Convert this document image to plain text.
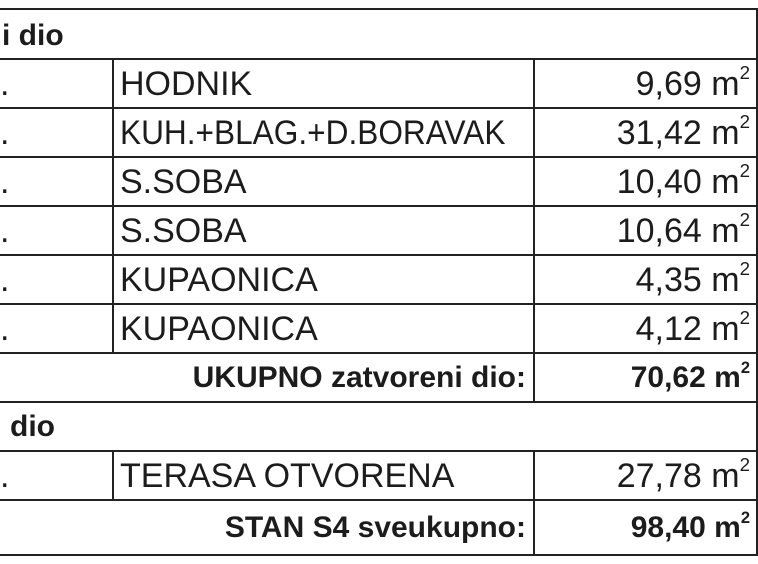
i dio
.	HODNIK	9,69 $m^2$
.	KUH.+BLAG.+D.BORAVAK	31,42 $m^2$
.	S.SOBA	10,40 $m^2$
.	S.SOBA	10,64 $m^2$
.	KUPAONICA	4,35 $m^2$
.	KUPAONICA	4,12 $m^2$
UKUPNO zatvoreni dio:	70,62 $m^2$
dio
.	TERASA OTVORENA	27,78 $m^2$
STAN S4 sveukupno:	98,40 $m^2$
